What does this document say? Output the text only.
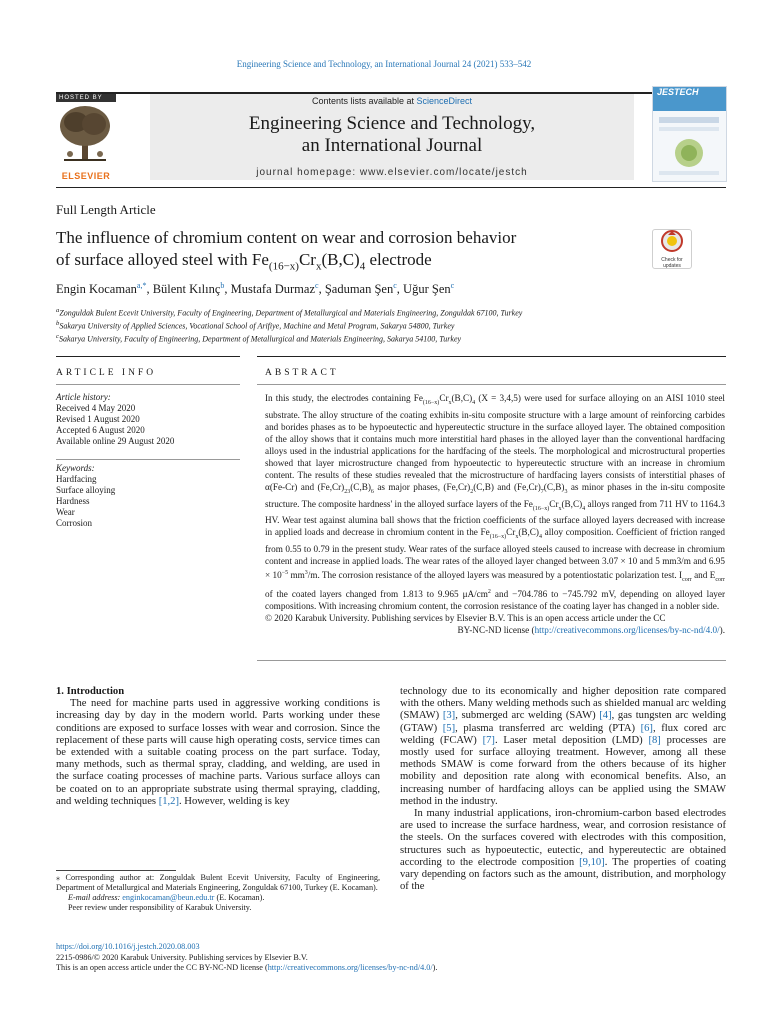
Engineering Science and Technology, an International Journal 24 (2021) 533–542
HOSTED BY
ELSEVIER
Contents lists available at ScienceDirect
Engineering Science and Technology,
an International Journal
journal homepage: www.elsevier.com/locate/jestch
JESTECH
Full Length Article
The influence of chromium content on wear and corrosion behavior
of surface alloyed steel with $Fe_{(16-x)}Cr_x(B,C)_4$ electrode	Check for updates
Engin Kocaman$^{a,*}$, Bülent Kılınç$^b$, Mustafa Durmaz$^c$, Şaduman Şen$^c$, Uğur Şen$^c$
$^a$Zonguldak Bulent Ecevit University, Faculty of Engineering, Department of Metallurgical and Materials Engineering, Zonguldak 67100, Turkey
$^b$Sakarya University of Applied Sciences, Vocational School of Arifiye, Machine and Metal Program, Sakarya 54800, Turkey
$^c$Sakarya University, Faculty of Engineering, Department of Metallurgical and Materials Engineering, Sakarya 54100, Turkey
ARTICLE INFO	ABSTRACT
Article history:
Received 4 May 2020
Revised 1 August 2020
Accepted 6 August 2020
Available online 29 August 2020
Keywords:
Hardfacing
Surface alloying
Hardness
Wear
Corrosion
In this study, the electrodes containing $Fe_{(16-x)}Cr_x(B,C)_4$ (X = 3,4,5) were used for surface alloying on an AISI 1010 steel substrate. The alloy structure of the coating exhibits in-situ composite structure with a large amount of reinforcing carbides and borides phases as to be hypoeutectic and hypereutectic structure in the surface alloyed layer. The obtained composition of the alloy shows that it contains much more interstitial hard phases in the alloyed layer than the conventional hardfacing alloys used in the industrial applications for the hardfacing of the steels. The morphological and microstructural properties showed that layer microstructure changed from hypoeutectic to hypereutectic structure with an increase in chromium content. The results of these studies revealed that the microstructure of hardfacing layers consists of interstitial phases of α(Fe-Cr) and $(Fe,Cr)_{23}(C,B)_6$ as major phases, $(Fe,Cr)_2(C,B)$ and $(Fe,Cr)_7(C,B)_3$ as minor phases in the in-situ composite structure. The composite hardness' in the alloyed surface layers of the $Fe_{(16-x)}Cr_x(B,C)_4$ alloys ranged from 711 HV to 1164.3 HV. Wear test against alumina ball shows that the friction coefficients of the surface alloyed layers decreased with increase in applied loads and decrease in chromium content in the $Fe_{(16-x)}Cr_x(B,C)_4$ alloy composition. Coefficient of friction ranged from 0.55 to 0.79 in the present study. Wear rates of the surface alloyed steels caused to increase with decrease in chromium content and increase in applied loads. The wear rates of the alloyed layer changed between 3.07 × 10 and 5 mm3/m and $6.95 \times 10^{-5}$ $mm^3/m$. The corrosion resistance of the alloyed layers was measured by a potentiostatic polarization test. $I_{corr}$ and $E_{corr}$ of the coated layers changed from 1.813 to 9.965 $\mu A/cm^2$ and −704.786 to −745.792 mV, depending on alloyed layer compositions. With increasing chromium content, the corrosion resistance of the coating layer has changed in a nobler side.
© 2020 Karabuk University. Publishing services by Elsevier B.V. This is an open access article under the CC
BY-NC-ND license (http://creativecommons.org/licenses/by-nc-nd/4.0/).

1. Introduction

The need for machine parts used in aggressive working conditions is increasing day by day in the modern world. Parts working under these conditions are exposed to surface losses with wear and corrosion. Since the replacement of these parts will cause high operating costs, service times can be extended with a suitable coating process on the part surface. Today, many methods, such as thermal spray, cladding, and welding, are used in the surface coating processes of machine parts. Various surface alloys can be coated on to an appropriate substrate using thermal spraying, cladding, and welding techniques [1,2]. However, welding is key

technology due to its economically and higher deposition rate compared with the others. Many welding methods such as shielded manual arc welding (SMAW) [3], submerged arc welding (SAW) [4], gas tungsten arc welding (GTAW) [5], plasma transferred arc welding (PTA) [6], flux cored arc welding (FCAW) [7]. Laser metal deposition (LMD) [8] processes are mostly used for surface alloying treatment. However, among all these methods SMAW is come forward from the others because of its higher mobility and deposition rate along with economical benefits. Also, an increasing number of hardfacing alloys can be applied using the SMAW method in the industry.

In many industrial applications, iron-chromium-carbon based electrodes are used to increase the surface hardness, wear, and corrosion resistance of the steels. On the surfaces covered with electrodes with this composition, structures such as hypoeutectic, eutectic, and hypereutectic are obtained according to the electrode composition [9,10]. The properties of coating vary depending on factors such as the amount, distribution, and morphology of the

⁎ Corresponding author at: Zonguldak Bulent Ecevit University, Faculty of Engineering, Department of Metallurgical and Materials Engineering, Zonguldak 67100, Turkey (E. Kocaman).

E-mail address: enginkocaman@beun.edu.tr (E. Kocaman).

Peer review under responsibility of Karabuk University.

https://doi.org/10.1016/j.jestch.2020.08.003
2215-0986/© 2020 Karabuk University. Publishing services by Elsevier B.V.
This is an open access article under the CC BY-NC-ND license (http://creativecommons.org/licenses/by-nc-nd/4.0/).
